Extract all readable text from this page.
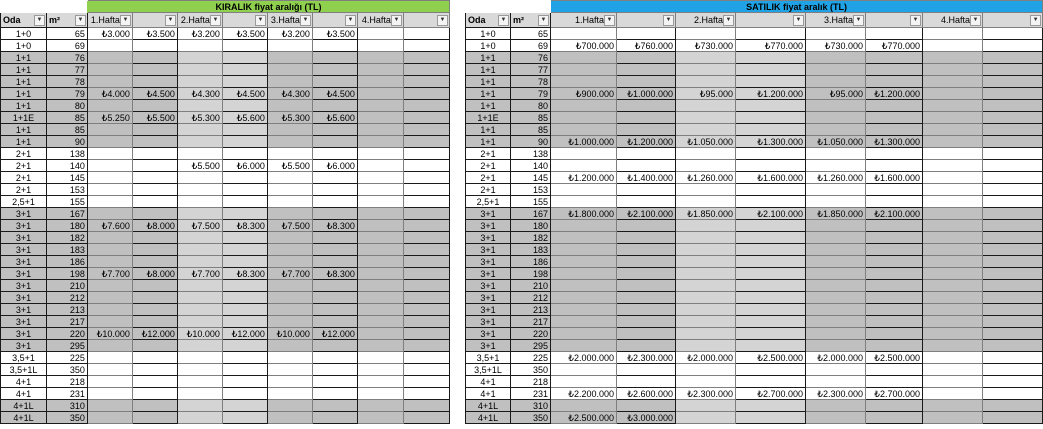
		KIRALIK fiyat aralığı (TL)							
Oda ▼	m² ▼	1.Hafta ▼	▼	2.Hafta ▼	▼	3.Hafta ▼	▼	4.Hafta ▼	▼

1+0	65	₺3.000	₺3.500	₺3.200	₺3.500	₺3.200	₺3.500		
1+0	69								
1+1	76								
1+1	77								
1+1	78								
1+1	79	₺4.000	₺4.500	₺4.300	₺4.500	₺4.300	₺4.500		
1+1	80								
1+1E	85	₺5.250	₺5.500	₺5.300	₺5.600	₺5.300	₺5.600		
1+1	85								
1+1	90								
2+1	138								
2+1	140			₺5.500	₺6.000	₺5.500	₺6.000		
2+1	145								
2+1	153								
2,5+1	155								
3+1	167								
3+1	180	₺7.600	₺8.000	₺7.500	₺8.300	₺7.500	₺8.300		
3+1	182								
3+1	183								
3+1	186								
3+1	198	₺7.700	₺8.000	₺7.700	₺8.300	₺7.700	₺8.300		
3+1	210								
3+1	212								
3+1	213								
3+1	217								
3+1	220	₺10.000	₺12.000	₺10.000	₺12.000	₺10.000	₺12.000		
3+1	295								
3,5+1	225								
3,5+1L	350								
4+1	218								
4+1	231								
4+1L	310								
4+1L	350								
		SATILIK fiyat aralık (TL)							
Oda ▼	m² ▼	1.Hafta ▼	▼	2.Hafta ▼	▼	3.Hafta ▼	▼	4.Hafta ▼	▼

1+0	65								
1+0	69	₺700.000	₺760.000	₺730.000	₺770.000	₺730.000	₺770.000		
1+1	76								
1+1	77								
1+1	78								
1+1	79	₺900.000	₺1.000.000	₺95.000	₺1.200.000	₺95.000	₺1.200.000		
1+1	80								
1+1E	85								
1+1	85								
1+1	90	₺1.000.000	₺1.200.000	₺1.050.000	₺1.300.000	₺1.050.000	₺1.300.000		
2+1	138								
2+1	140								
2+1	145	₺1.200.000	₺1.400.000	₺1.260.000	₺1.600.000	₺1.260.000	₺1.600.000		
2+1	153								
2,5+1	155								
3+1	167	₺1.800.000	₺2.100.000	₺1.850.000	₺2.100.000	₺1.850.000	₺2.100.000		
3+1	180								
3+1	182								
3+1	183								
3+1	186								
3+1	198								
3+1	210								
3+1	212								
3+1	213								
3+1	217								
3+1	220								
3+1	295								
3,5+1	225	₺2.000.000	₺2.300.000	₺2.000.000	₺2.500.000	₺2.000.000	₺2.500.000		
3,5+1L	350								
4+1	218								
4+1	231	₺2.200.000	₺2.600.000	₺2.300.000	₺2.700.000	₺2.300.000	₺2.700.000		
4+1L	310								
4+1L	350	₺2.500.000	₺3.000.000						
